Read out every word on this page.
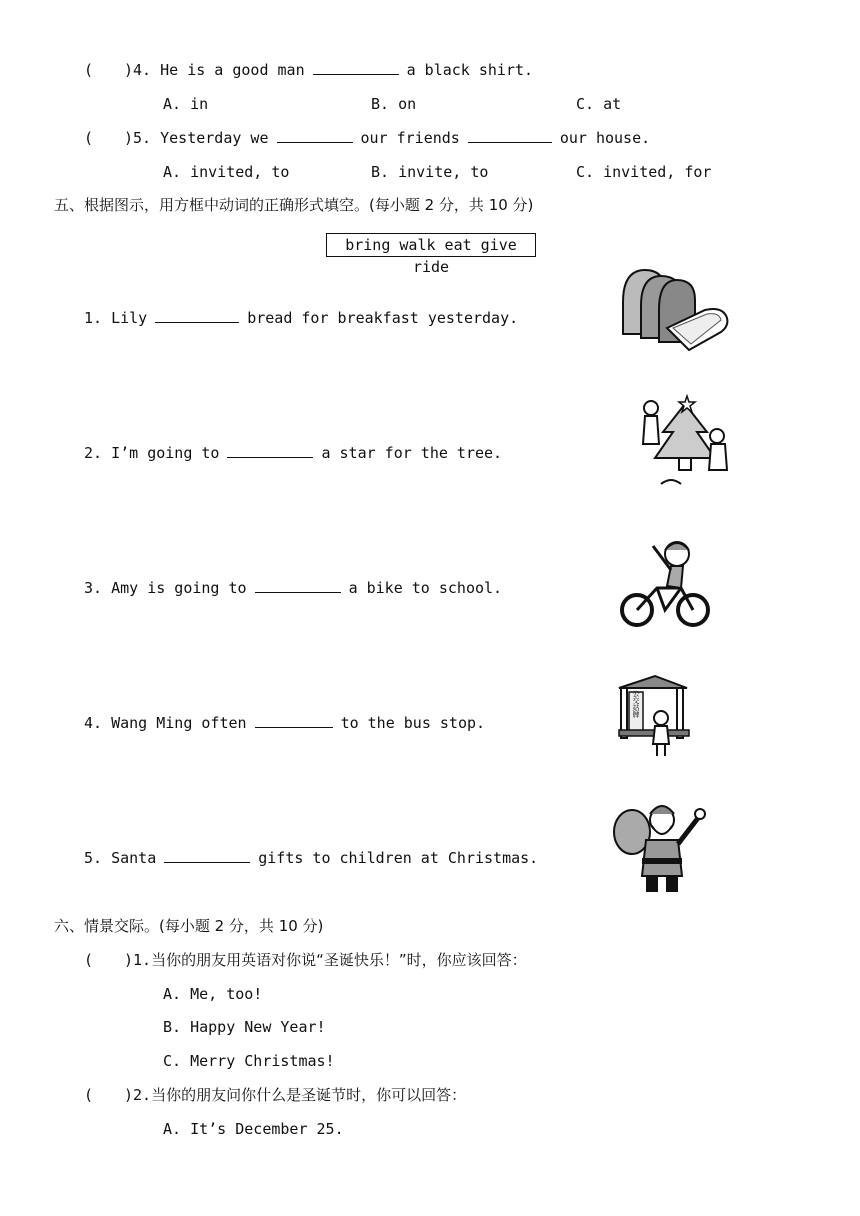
( )4. He is a good man	a black shirt.
A. in	B. on	C. at
( )5. Yesterday we	our friends	our house.
A. invited, to	B. invite, to	C. invited, for
五、根据图示，用方框中动词的正确形式填空。(每小题 2 分，共 10 分)
bring walk eat give ride
1. Lily	bread for breakfast yesterday.
2. I’m going to	a star for the tree.
3. Amy is going to	a bike to school.
4. Wang Ming often	to the bus stop.
5. Santa	gifts to children at Christmas.
公交站牌
六、情景交际。(每小题 2 分，共 10 分)
( )1.当你的朋友用英语对你说“圣诞快乐！”时，你应该回答：
A. Me, too!
B. Happy New Year!
C. Merry Christmas!
( )2.当你的朋友问你什么是圣诞节时，你可以回答：
A. It’s December 25.
